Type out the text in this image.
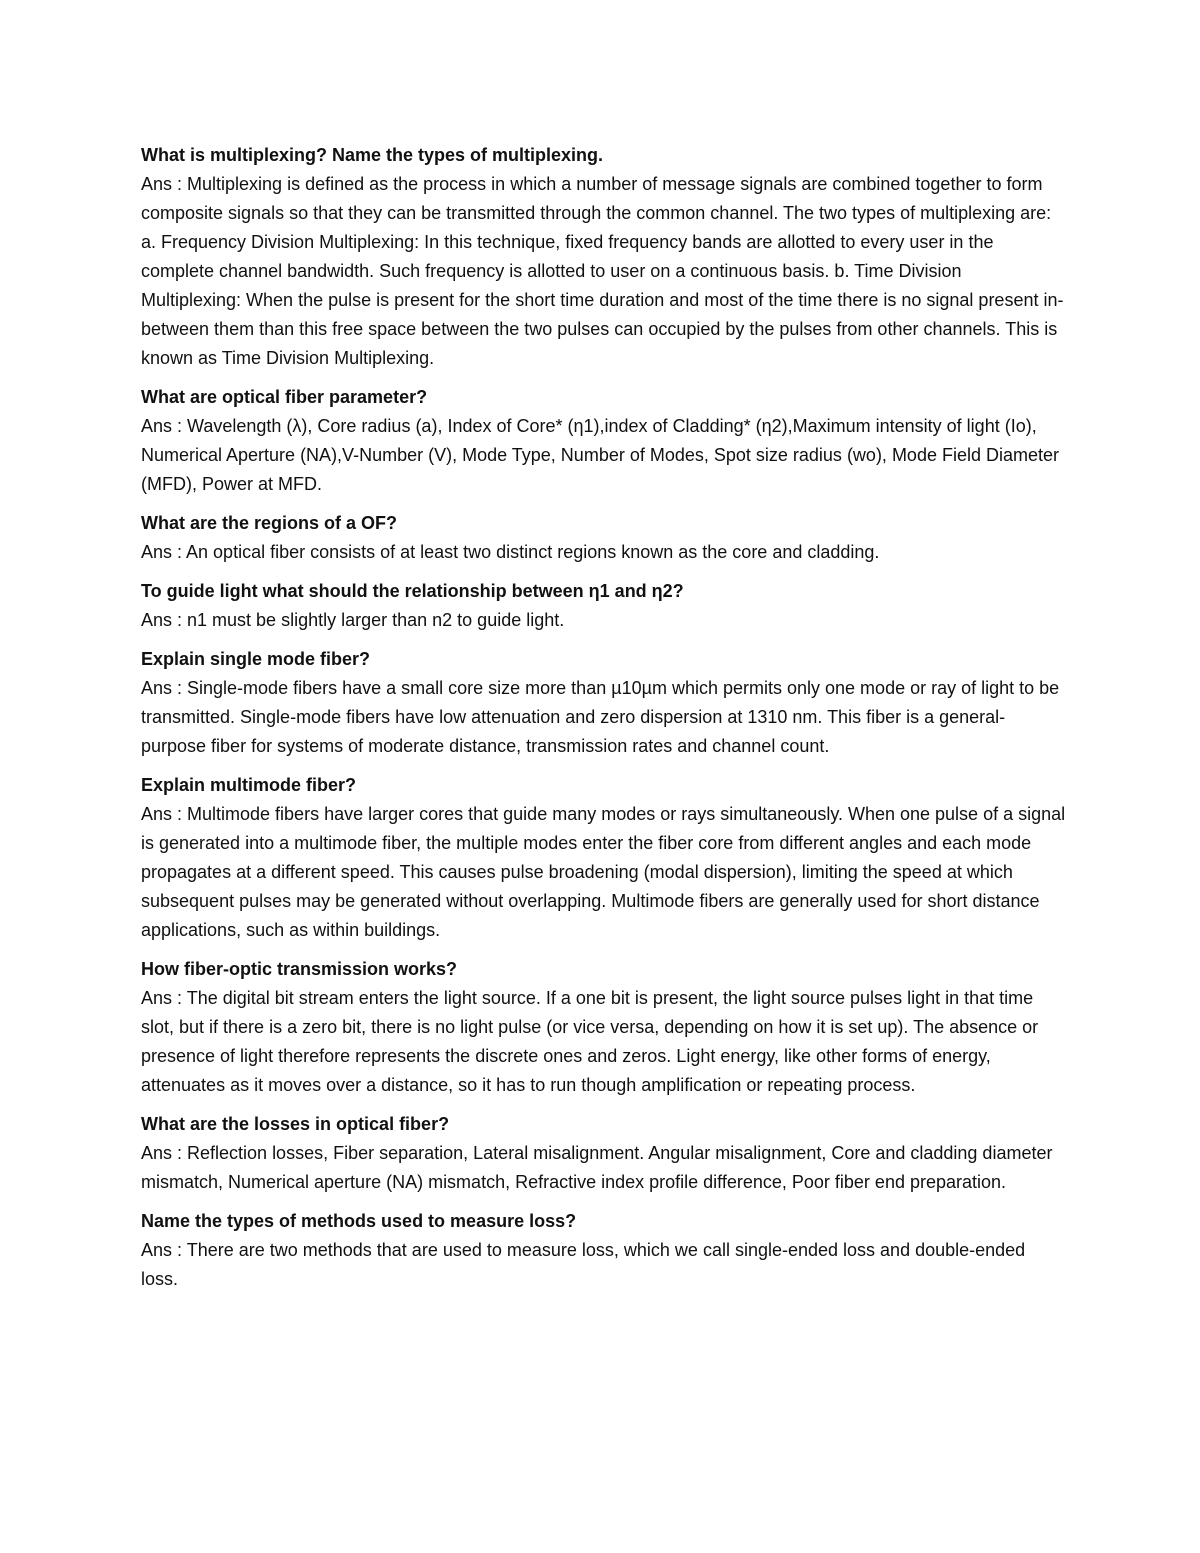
What is multiplexing? Name the types of multiplexing.

Ans : Multiplexing is defined as the process in which a number of message signals are combined together to form composite signals so that they can be transmitted through the common channel. The two types of multiplexing are: a. Frequency Division Multiplexing: In this technique, fixed frequency bands are allotted to every user in the complete channel bandwidth. Such frequency is allotted to user on a continuous basis. b. Time Division Multiplexing: When the pulse is present for the short time duration and most of the time there is no signal present in-between them than this free space between the two pulses can occupied by the pulses from other channels. This is known as Time Division Multiplexing.

What are optical fiber parameter?

Ans : Wavelength (λ), Core radius (a), Index of Core* (η1),index of Cladding* (η2),Maximum intensity of light (Io), Numerical Aperture (NA),V-Number (V), Mode Type, Number of Modes, Spot size radius (wo), Mode Field Diameter (MFD), Power at MFD.

What are the regions of a OF?

Ans : An optical fiber consists of at least two distinct regions known as the core and cladding.

To guide light what should the relationship between η1 and η2?

Ans : n1 must be slightly larger than n2 to guide light.

Explain single mode fiber?

Ans : Single-mode fibers have a small core size more than µ10µm which permits only one mode or ray of light to be transmitted. Single-mode fibers have low attenuation and zero dispersion at 1310 nm. This fiber is a general-purpose fiber for systems of moderate distance, transmission rates and channel count.

Explain multimode fiber?

Ans : Multimode fibers have larger cores that guide many modes or rays simultaneously. When one pulse of a signal is generated into a multimode fiber, the multiple modes enter the fiber core from different angles and each mode propagates at a different speed. This causes pulse broadening (modal dispersion), limiting the speed at which subsequent pulses may be generated without overlapping. Multimode fibers are generally used for short distance applications, such as within buildings.

How fiber-optic transmission works?

Ans : The digital bit stream enters the light source. If a one bit is present, the light source pulses light in that time slot, but if there is a zero bit, there is no light pulse (or vice versa, depending on how it is set up). The absence or presence of light therefore represents the discrete ones and zeros. Light energy, like other forms of energy, attenuates as it moves over a distance, so it has to run though amplification or repeating process.

What are the losses in optical fiber?

Ans : Reflection losses, Fiber separation, Lateral misalignment. Angular misalignment, Core and cladding diameter mismatch, Numerical aperture (NA) mismatch, Refractive index profile difference, Poor fiber end preparation.

Name the types of methods used to measure loss?

Ans : There are two methods that are used to measure loss, which we call single-ended loss and double-ended loss.
